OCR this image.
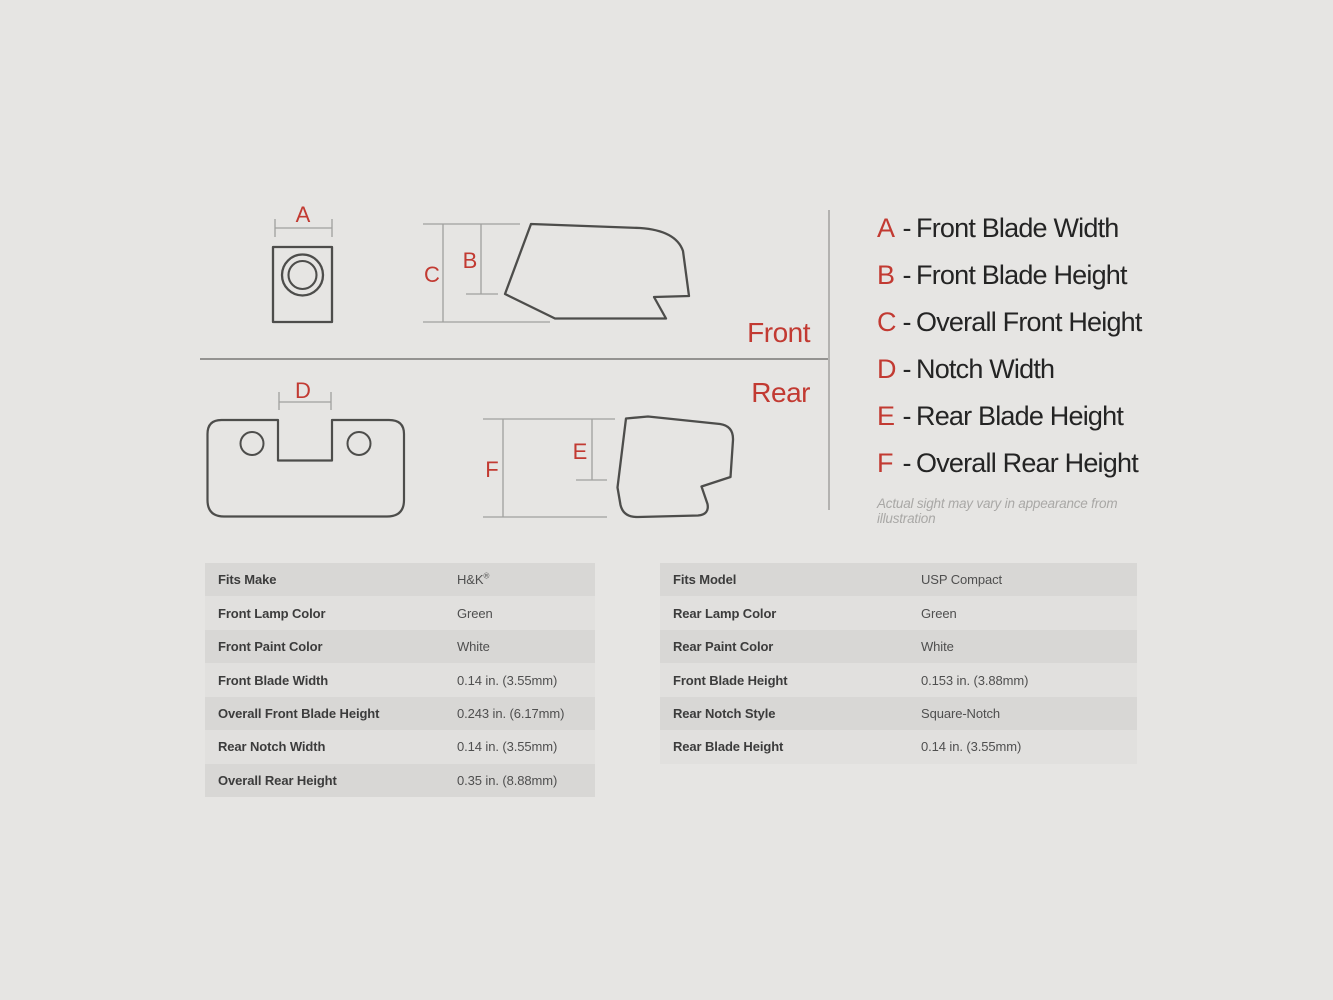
A
C
B
D
F
E
Front
Rear
A - Front Blade Width
B - Front Blade Height
C - Overall Front Height
D - Notch Width
E - Rear Blade Height
F - Overall Rear Height
Actual sight may vary in appearance from illustration
Fits Make	H&K®
Front Lamp Color	Green
Front Paint Color	White
Front Blade Width	0.14 in. (3.55mm)
Overall Front Blade Height	0.243 in. (6.17mm)
Rear Notch Width	0.14 in. (3.55mm)
Overall Rear Height	0.35 in. (8.88mm)
Fits Model	USP Compact
Rear Lamp Color	Green
Rear Paint Color	White
Front Blade Height	0.153 in. (3.88mm)
Rear Notch Style	Square-Notch
Rear Blade Height	0.14 in. (3.55mm)
